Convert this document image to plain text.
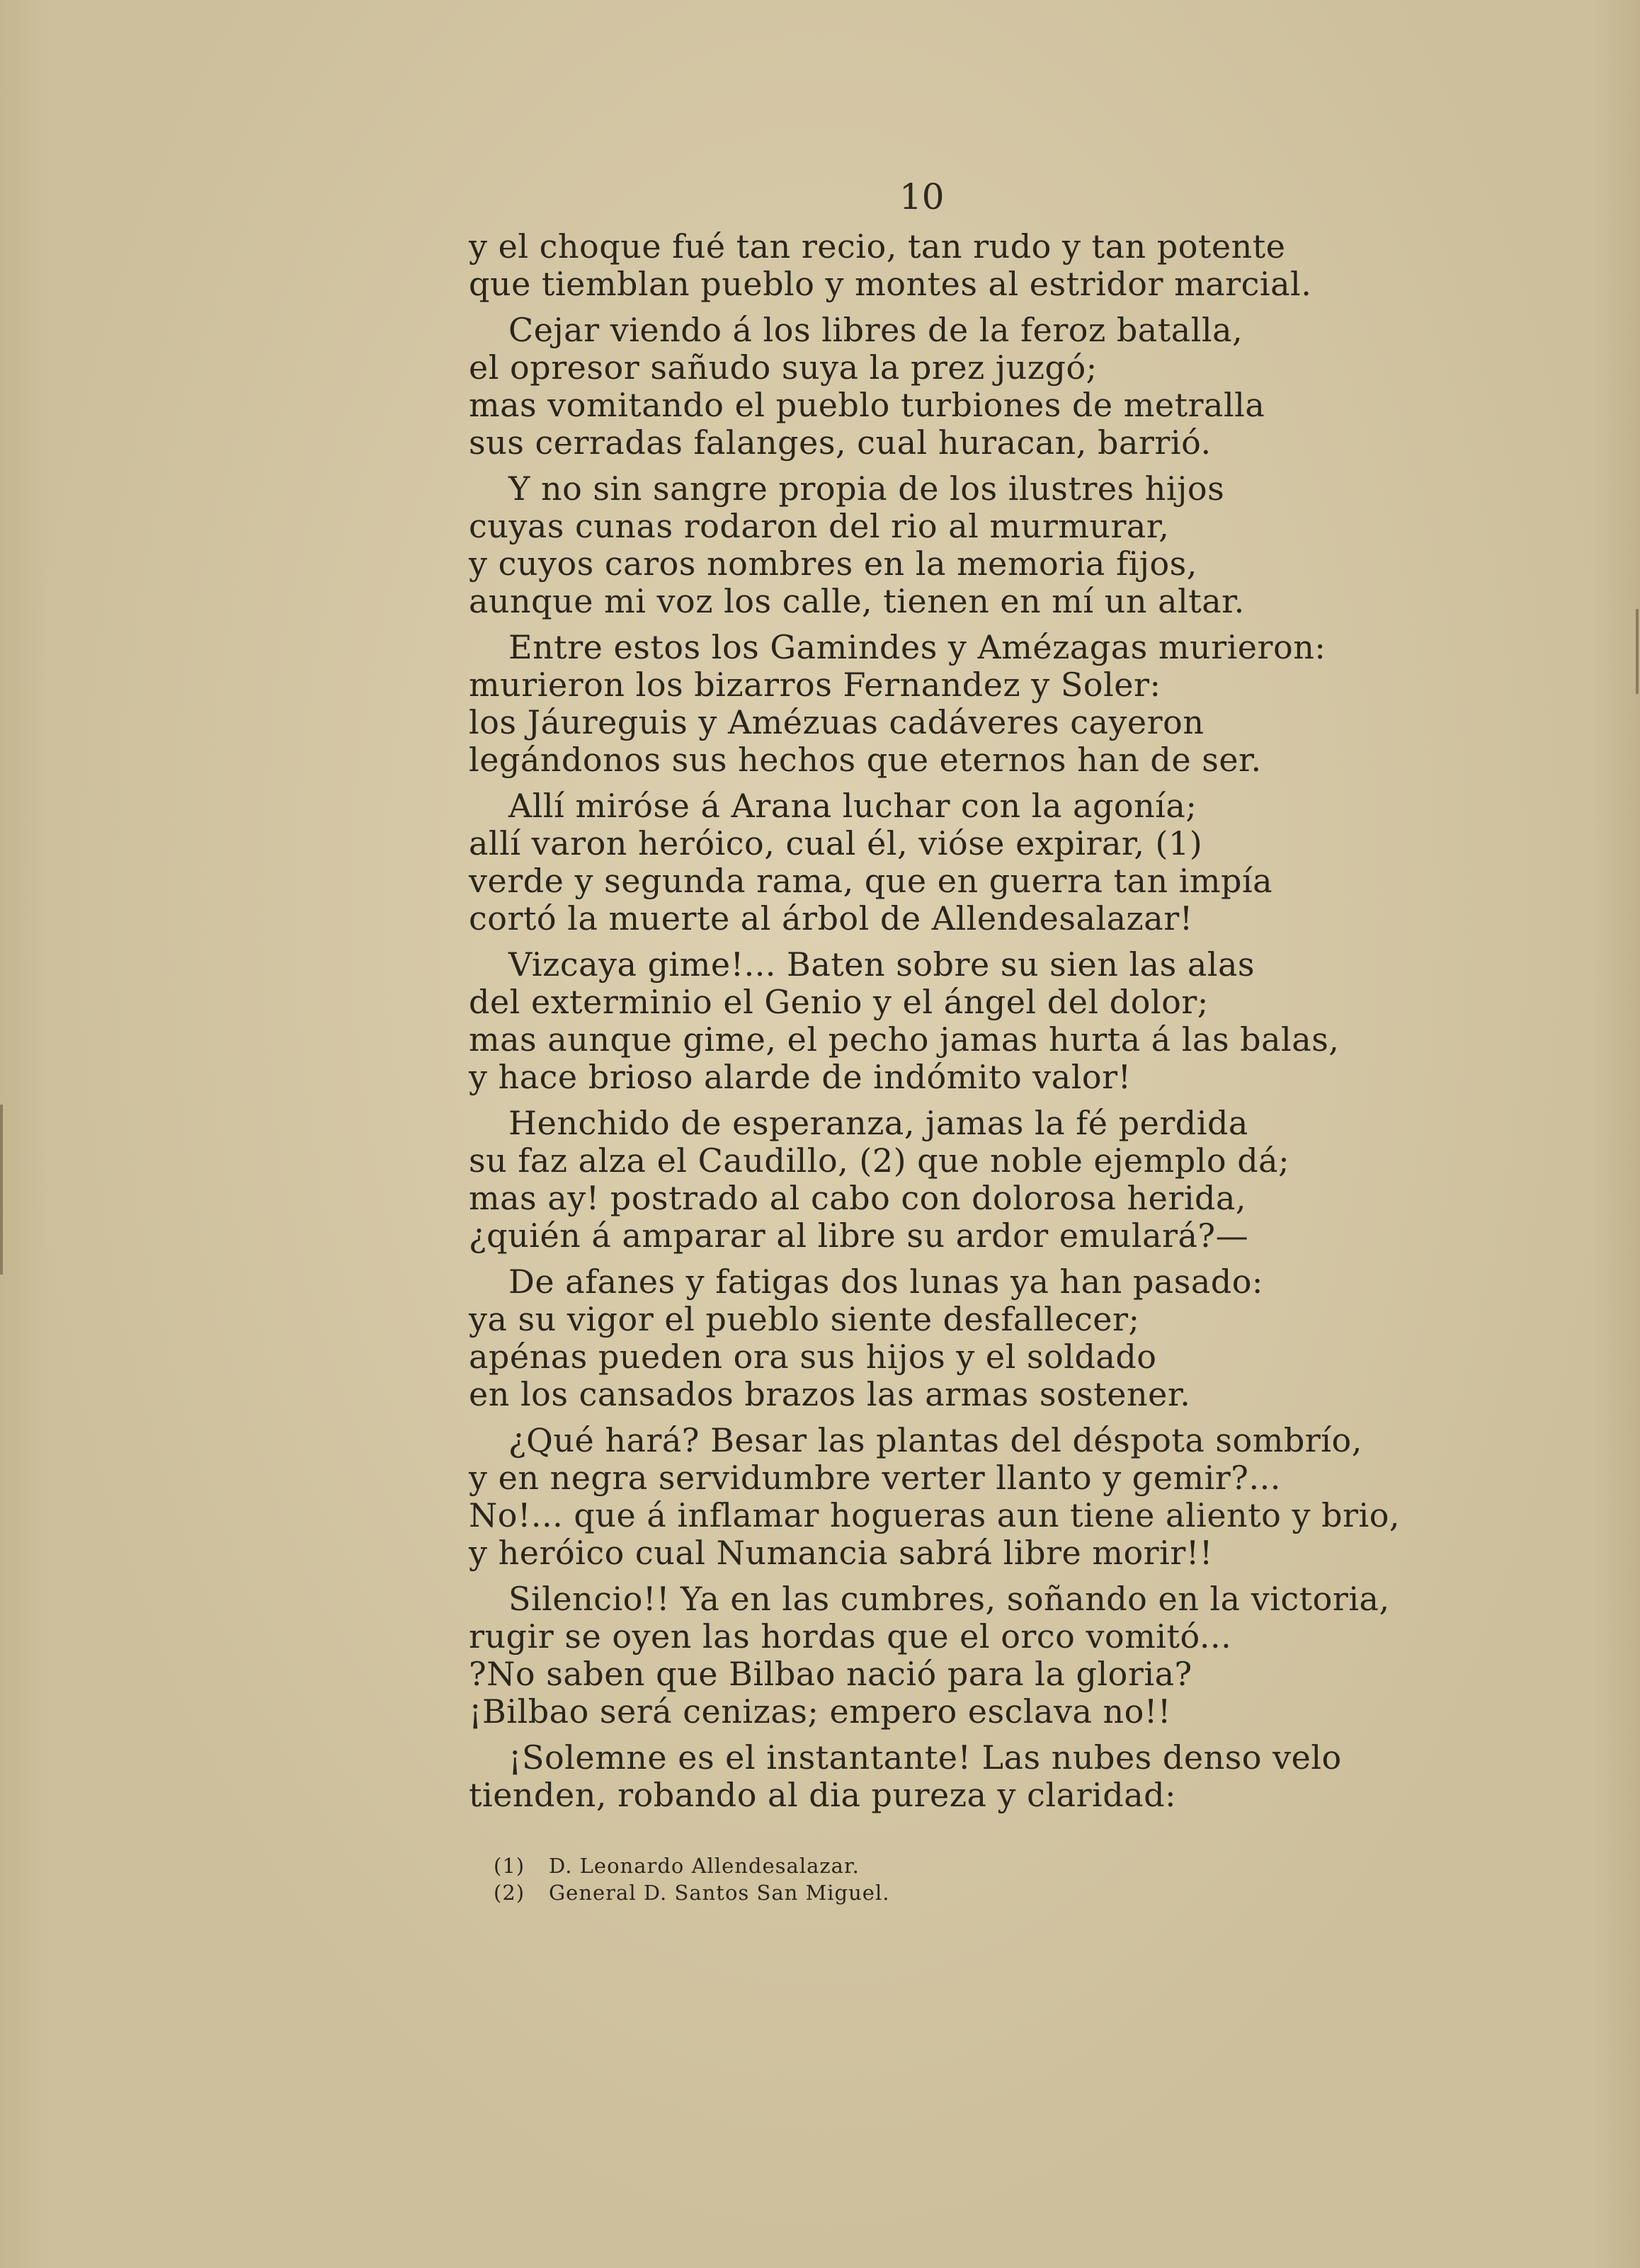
10
y el choque fué tan recio, tan rudo y tan potente
que tiemblan pueblo y montes al estridor marcial.
Cejar viendo á los libres de la feroz batalla,
el opresor sañudo suya la prez juzgó;
mas vomitando el pueblo turbiones de metralla
sus cerradas falanges, cual huracan, barrió.
Y no sin sangre propia de los ilustres hijos
cuyas cunas rodaron del rio al murmurar,
y cuyos caros nombres en la memoria fijos,
aunque mi voz los calle, tienen en mí un altar.
Entre estos los Gamindes y Amézagas murieron:
murieron los bizarros Fernandez y Soler:
los Jáureguis y Amézuas cadáveres cayeron
legándonos sus hechos que eternos han de ser.
Allí miróse á Arana luchar con la agonía;
allí varon heróico, cual él, vióse expirar, (1)
verde y segunda rama, que en guerra tan impía
cortó la muerte al árbol de Allendesalazar!
Vizcaya gime!... Baten sobre su sien las alas
del exterminio el Genio y el ángel del dolor;
mas aunque gime, el pecho jamas hurta á las balas,
y hace brioso alarde de indómito valor!
Henchido de esperanza, jamas la fé perdida
su faz alza el Caudillo, (2) que noble ejemplo dá;
mas ay! postrado al cabo con dolorosa herida,
¿quién á amparar al libre su ardor emulará?—
De afanes y fatigas dos lunas ya han pasado:
ya su vigor el pueblo siente desfallecer;
apénas pueden ora sus hijos y el soldado
en los cansados brazos las armas sostener.
¿Qué hará? Besar las plantas del déspota sombrío,
y en negra servidumbre verter llanto y gemir?...
No!... que á inflamar hogueras aun tiene aliento y brio,
y heróico cual Numancia sabrá libre morir!!
Silencio!! Ya en las cumbres, soñando en la victoria,
rugir se oyen las hordas que el orco vomitó...
?No saben que Bilbao nació para la gloria?
¡Bilbao será cenizas; empero esclava no!!
¡Solemne es el instantante! Las nubes denso velo
tienden, robando al dia pureza y claridad:
(1) D. Leonardo Allendesalazar.
(2) General D. Santos San Miguel.
